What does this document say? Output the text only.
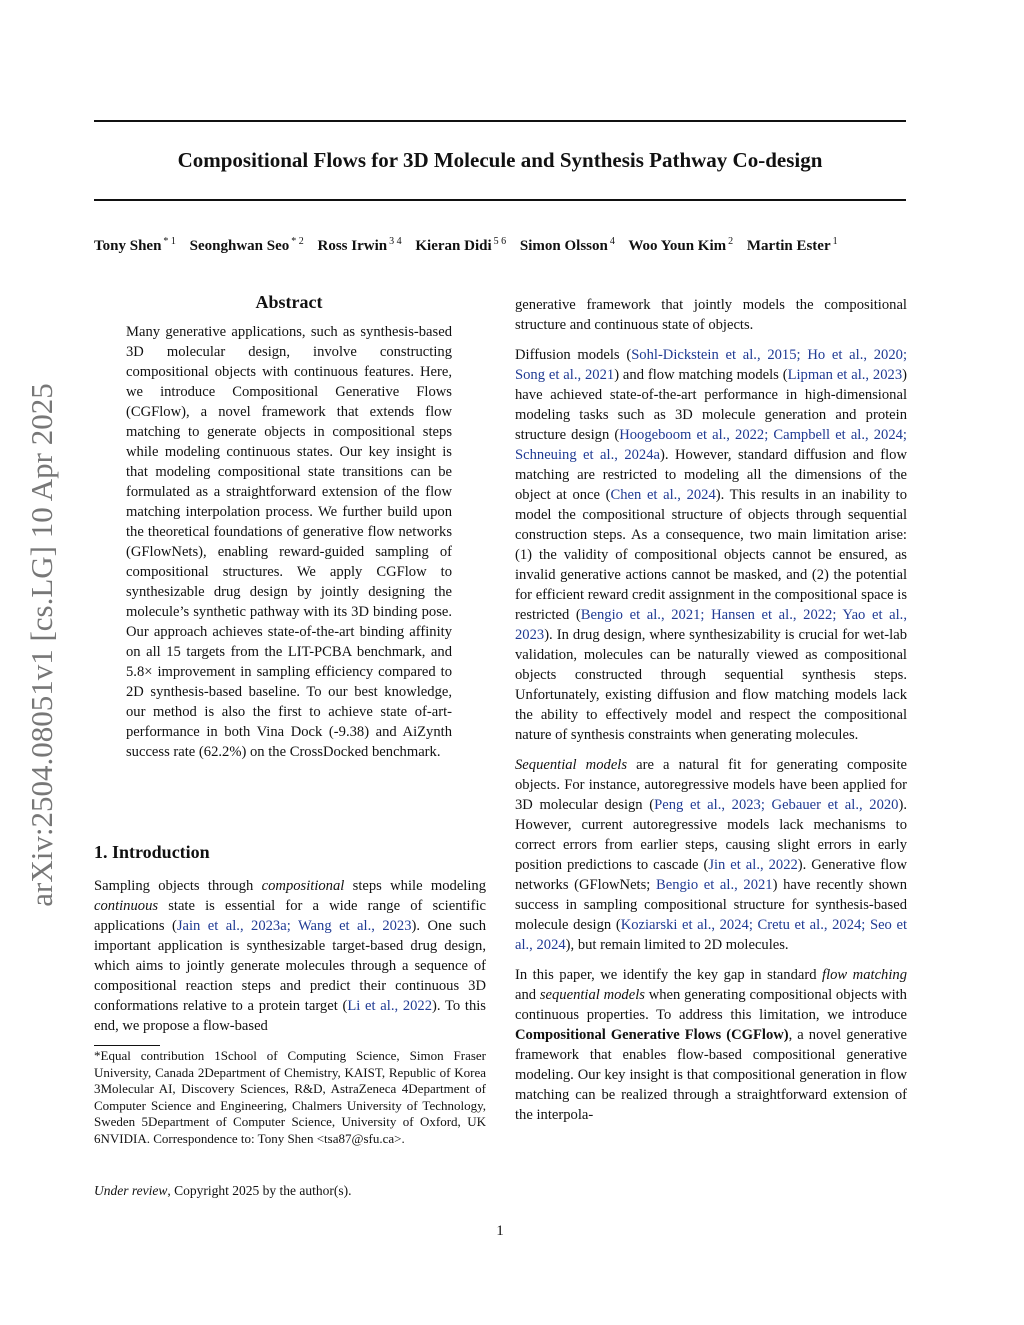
arXiv:2504.08051v1 [cs.LG] 10 Apr 2025
Compositional Flows for 3D Molecule and Synthesis Pathway Co-design
Tony Shen $^{* 1}$ Seonghwan Seo $^{* 2}$ Ross Irwin $^{3 4}$ Kieran Didi $^{5 6}$ Simon Olsson $^4$ Woo Youn Kim $^2$ Martin Ester $^1$
Abstract
Many generative applications, such as synthesis-based 3D molecular design, involve constructing compositional objects with continuous features. Here, we introduce Compositional Generative Flows (CGFlow), a novel framework that extends flow matching to generate objects in compositional steps while modeling continuous states. Our key insight is that modeling compositional state transitions can be formulated as a straightforward extension of the flow matching interpolation process. We further build upon the theoretical foundations of generative flow networks (GFlowNets), enabling reward-guided sampling of compositional structures. We apply CGFlow to synthesizable drug design by jointly designing the molecule’s synthetic pathway with its 3D binding pose. Our approach achieves state-of-the-art binding affinity on all 15 targets from the LIT-PCBA benchmark, and 5.8× improvement in sampling efficiency compared to 2D synthesis-based baseline. To our best knowledge, our method is also the first to achieve state of-art-performance in both Vina Dock (-9.38) and AiZynth success rate (62.2%) on the CrossDocked benchmark.
1. Introduction
Sampling objects through compositional steps while modeling continuous state is essential for a wide range of scientific applications (Jain et al., 2023a; Wang et al., 2023). One such important application is synthesizable target-based drug design, which aims to jointly generate molecules through a sequence of compositional reaction steps and predict their continuous 3D conformations relative to a protein target (Li et al., 2022). To this end, we propose a flow-based
*Equal contribution 1School of Computing Science, Simon Fraser University, Canada 2Department of Chemistry, KAIST, Republic of Korea 3Molecular AI, Discovery Sciences, R&D, AstraZeneca 4Department of Computer Science and Engineering, Chalmers University of Technology, Sweden 5Department of Computer Science, University of Oxford, UK 6NVIDIA. Correspondence to: Tony Shen <tsa87@sfu.ca>.
Under review, Copyright 2025 by the author(s).

generative framework that jointly models the compositional structure and continuous state of objects.

Diffusion models (Sohl-Dickstein et al., 2015; Ho et al., 2020; Song et al., 2021) and flow matching models (Lipman et al., 2023) have achieved state-of-the-art performance in high-dimensional modeling tasks such as 3D molecule generation and protein structure design (Hoogeboom et al., 2022; Campbell et al., 2024; Schneuing et al., 2024a). However, standard diffusion and flow matching are restricted to modeling all the dimensions of the object at once (Chen et al., 2024). This results in an inability to model the compositional structure of objects through sequential construction steps. As a consequence, two main limitation arise: (1) the validity of compositional objects cannot be ensured, as invalid generative actions cannot be masked, and (2) the potential for efficient reward credit assignment in the compositional space is restricted (Bengio et al., 2021; Hansen et al., 2022; Yao et al., 2023). In drug design, where synthesizability is crucial for wet-lab validation, molecules can be naturally viewed as compositional objects constructed through sequential synthesis steps. Unfortunately, existing diffusion and flow matching models lack the ability to effectively model and respect the compositional nature of synthesis constraints when generating molecules.

Sequential models are a natural fit for generating composite objects. For instance, autoregressive models have been applied for 3D molecular design (Peng et al., 2023; Gebauer et al., 2020). However, current autoregressive models lack mechanisms to correct errors from earlier steps, causing slight errors in early position predictions to cascade (Jin et al., 2022). Generative flow networks (GFlowNets; Bengio et al., 2021) have recently shown success in sampling compositional structure for synthesis-based molecule design (Koziarski et al., 2024; Cretu et al., 2024; Seo et al., 2024), but remain limited to 2D molecules.

In this paper, we identify the key gap in standard flow matching and sequential models when generating compositional objects with continuous properties. To address this limitation, we introduce Compositional Generative Flows (CGFlow), a novel generative framework that enables flow-based compositional generative modeling. Our key insight is that compositional generation in flow matching can be realized through a straightforward extension of the interpola-

1
